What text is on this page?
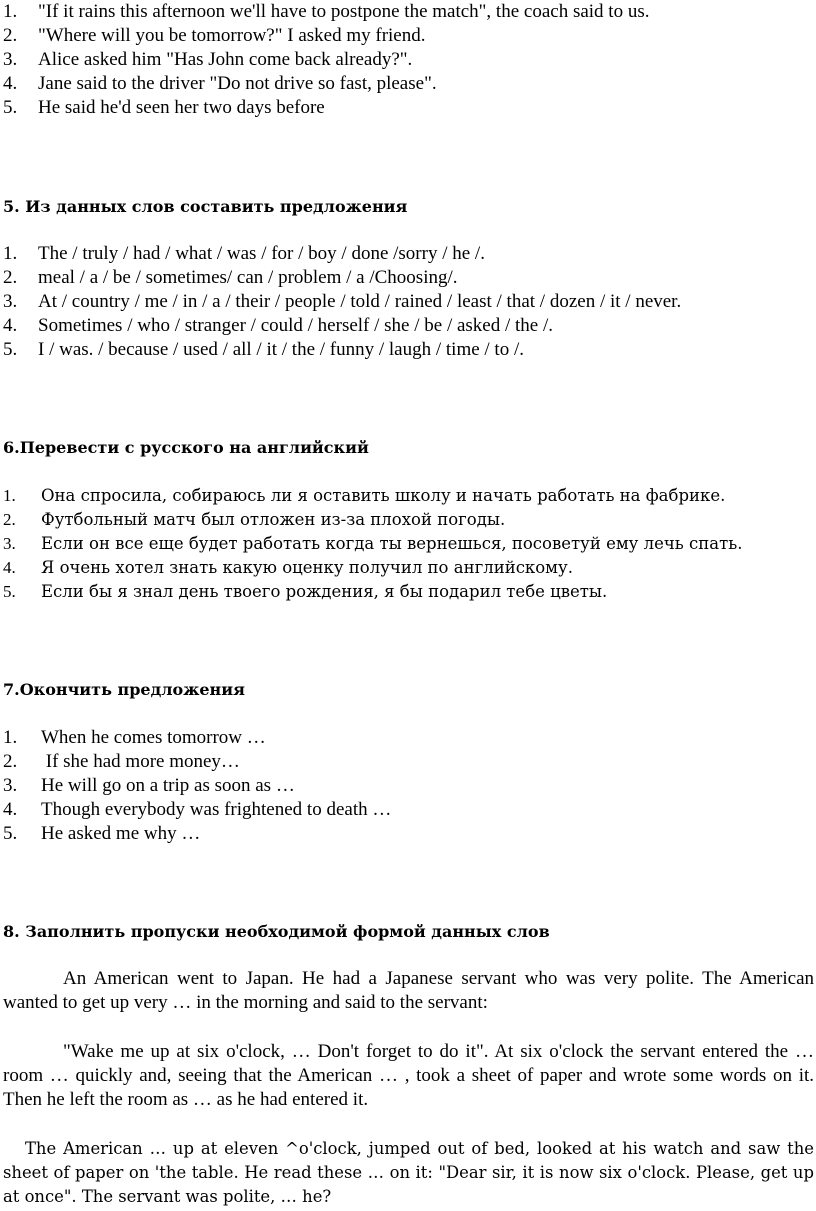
1. "If it rains this afternoon we'll have to postpone the match", the coach said to us.
2. "Where will you be tomorrow?" I asked my friend.
3. Alice asked him "Has John come back already?".
4. Jane said to the driver "Do not drive so fast, please".
5. He said he'd seen her two days before
5. Из данных слов составить предложения
1. The / truly / had / what / was / for / boy / done /sorry / he /.
2. meal / a / be / sometimes/ can / problem / a /Choosing/.
3. At / country / me / in / a / their / people / told / rained / least / that / dozen / it / never.
4. Sometimes / who / stranger / could / herself / she / be / asked / the /.
5. I / was. / because / used / all / it / the / funny / laugh / time / to /.
6.Перевести с русского на английский
1. Она спросила, собираюсь ли я оставить школу и начать работать на фабрике.
2. Футбольный матч был отложен из-за плохой погоды.
3. Если он все еще будет работать когда ты вернешься, посоветуй ему лечь спать.
4. Я очень хотел знать какую оценку получил по английскому.
5. Если бы я знал день твоего рождения, я бы подарил тебе цветы.
7.Окончить предложения
1. When he comes tomorrow …
2. If she had more money…
3. He will go on a trip as soon as …
4. Though everybody was frightened to death …
5. He asked me why …
8. Заполнить пропуски необходимой формой данных слов

An American went to Japan. He had a Japanese servant who was very polite. The American wanted to get up very … in the morning and said to the servant:

"Wake me up at six o'clock, … Don't forget to do it". At six o'clock the servant entered the … room … quickly and, seeing that the American … , took a sheet of paper and wrote some words on it. Then he left the room as … as he had entered it.

The American … up at eleven ^o'clock, jumped out of bed, looked at his watch and saw the sheet of paper on 'the table. He read these … on it: "Dear sir, it is now six o'clock. Please, get up at once". The servant was polite, … he?
